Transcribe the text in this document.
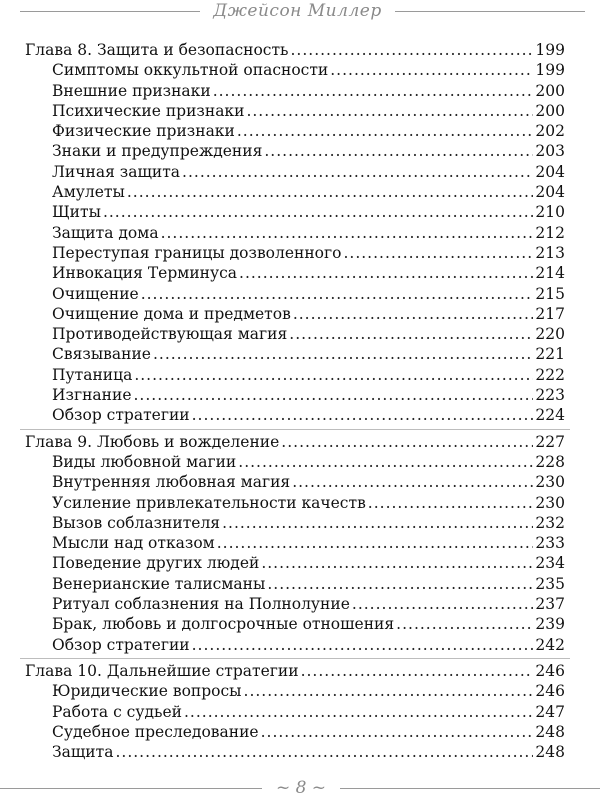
Джейсон Миллер
Глава 8. Защита и безопасность .....	199
Симптомы оккультной опасности .....	199
Внешние признаки .....	200
Психические признаки .....	200
Физические признаки .....	202
Знаки и предупреждения .....	203
Личная защита .....	204
Амулеты .....	204
Щиты .....	210
Защита дома .....	212
Переступая границы дозволенного .....	213
Инвокация Терминуса .....	214
Очищение .....	215
Очищение дома и предметов .....	217
Противодействующая магия .....	220
Связывание .....	221
Путаница .....	222
Изгнание .....	223
Обзор стратегии .....	224
Глава 9. Любовь и вожделение .....	227
Виды любовной магии .....	228
Внутренняя любовная магия .....	230
Усиление привлекательности качеств .....	230
Вызов соблазнителя .....	232
Мысли над отказом .....	233
Поведение других людей .....	234
Венерианские талисманы .....	235
Ритуал соблазнения на Полнолуние .....	237
Брак, любовь и долгосрочные отношения .....	239
Обзор стратегии .....	242
Глава 10. Дальнейшие стратегии .....	246
Юридические вопросы .....	246
Работа с судьей .....	247
Судебное преследование .....	248
Защита .....	248
~ 8 ~
